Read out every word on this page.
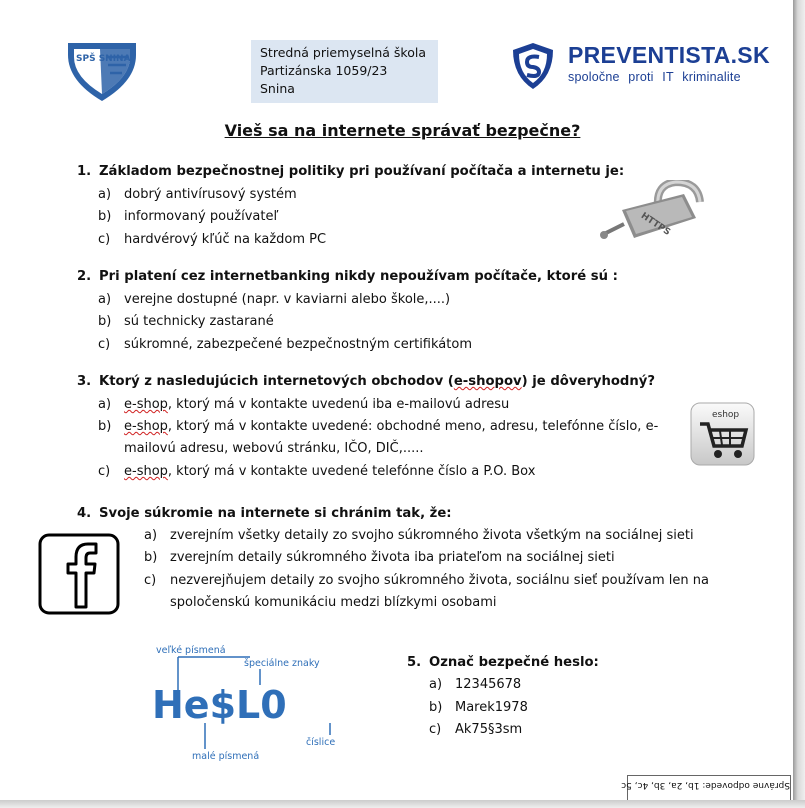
SPŠ SNINA	Stredná priemyselná škola
Partizánska 1059/23
Snina
PREVENTISTA.SK
spoločne proti IT kriminalite
Vieš sa na internete správať bezpečne?
1. Základom bezpečnostnej politiky pri používaní počítača a internetu je:
a) dobrý antivírusový systém
b) informovaný používateľ
c) hardvérový kľúč na každom PC
HTTPS
2. Pri platení cez internetbanking nikdy nepoužívam počítače, ktoré sú :
a) verejne dostupné (napr. v kaviarni alebo škole,....)
b) sú technicky zastarané
c) súkromné, zabezpečené bezpečnostným certifikátom
3. Ktorý z nasledujúcich internetových obchodov (e-shopov) je dôveryhodný?
a) e-shop, ktorý má v kontakte uvedenú iba e-mailovú adresu
b) e-shop, ktorý má v kontakte uvedené: obchodné meno, adresu, telefónne číslo, e-
mailovú adresu, webovú stránku, IČO, DIČ,.....
c) e-shop, ktorý má v kontakte uvedené telefónne číslo a P.O. Box
eshop
4. Svoje súkromie na internete si chránim tak, že:
a) zverejním všetky detaily zo svojho súkromného života všetkým na sociálnej sieti
b) zverejním detaily súkromného života iba priateľom na sociálnej sieti
c) nezverejňujem detaily zo svojho súkromného života, sociálnu sieť používam len na
spoločenskú komunikáciu medzi blízkymi osobami
veľké písmená
špeciálne znaky
He$L0
malé písmená
číslice
5. Označ bezpečné heslo:
a) 12345678
b) Marek1978
c) Ak75§3sm
Správne odpovede: 1b, 2a, 3b, 4c, 5c
